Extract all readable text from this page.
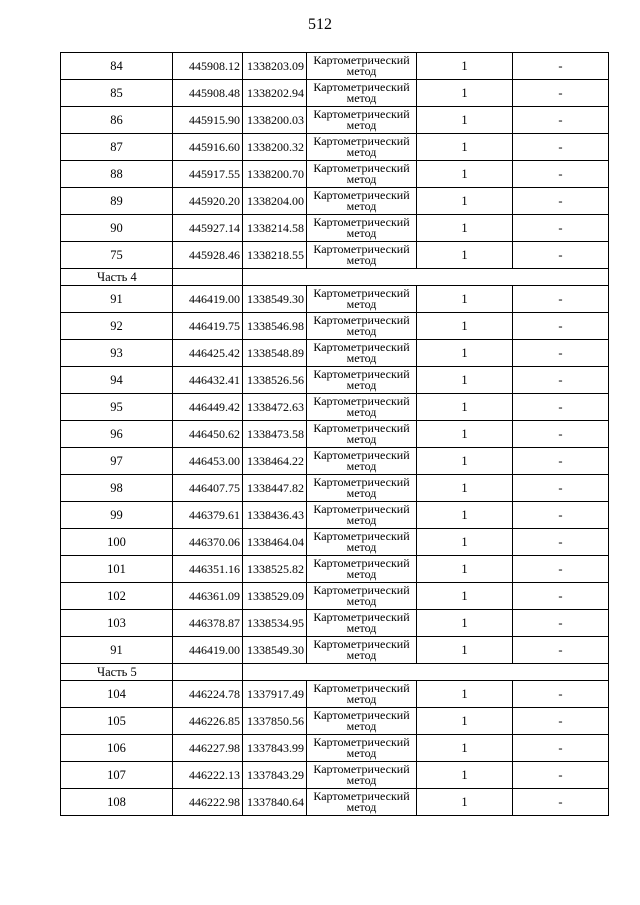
512
84	445908.12	1338203.09	Картометрический метод	1	-
85	445908.48	1338202.94	Картометрический метод	1	-
86	445915.90	1338200.03	Картометрический метод	1	-
87	445916.60	1338200.32	Картометрический метод	1	-
88	445917.55	1338200.70	Картометрический метод	1	-
89	445920.20	1338204.00	Картометрический метод	1	-
90	445927.14	1338214.58	Картометрический метод	1	-
75	445928.46	1338218.55	Картометрический метод	1	-
Часть 4					
91	446419.00	1338549.30	Картометрический метод	1	-
92	446419.75	1338546.98	Картометрический метод	1	-
93	446425.42	1338548.89	Картометрический метод	1	-
94	446432.41	1338526.56	Картометрический метод	1	-
95	446449.42	1338472.63	Картометрический метод	1	-
96	446450.62	1338473.58	Картометрический метод	1	-
97	446453.00	1338464.22	Картометрический метод	1	-
98	446407.75	1338447.82	Картометрический метод	1	-
99	446379.61	1338436.43	Картометрический метод	1	-
100	446370.06	1338464.04	Картометрический метод	1	-
101	446351.16	1338525.82	Картометрический метод	1	-
102	446361.09	1338529.09	Картометрический метод	1	-
103	446378.87	1338534.95	Картометрический метод	1	-
91	446419.00	1338549.30	Картометрический метод	1	-
Часть 5					
104	446224.78	1337917.49	Картометрический метод	1	-
105	446226.85	1337850.56	Картометрический метод	1	-
106	446227.98	1337843.99	Картометрический метод	1	-
107	446222.13	1337843.29	Картометрический метод	1	-
108	446222.98	1337840.64	Картометрический метод	1	-
